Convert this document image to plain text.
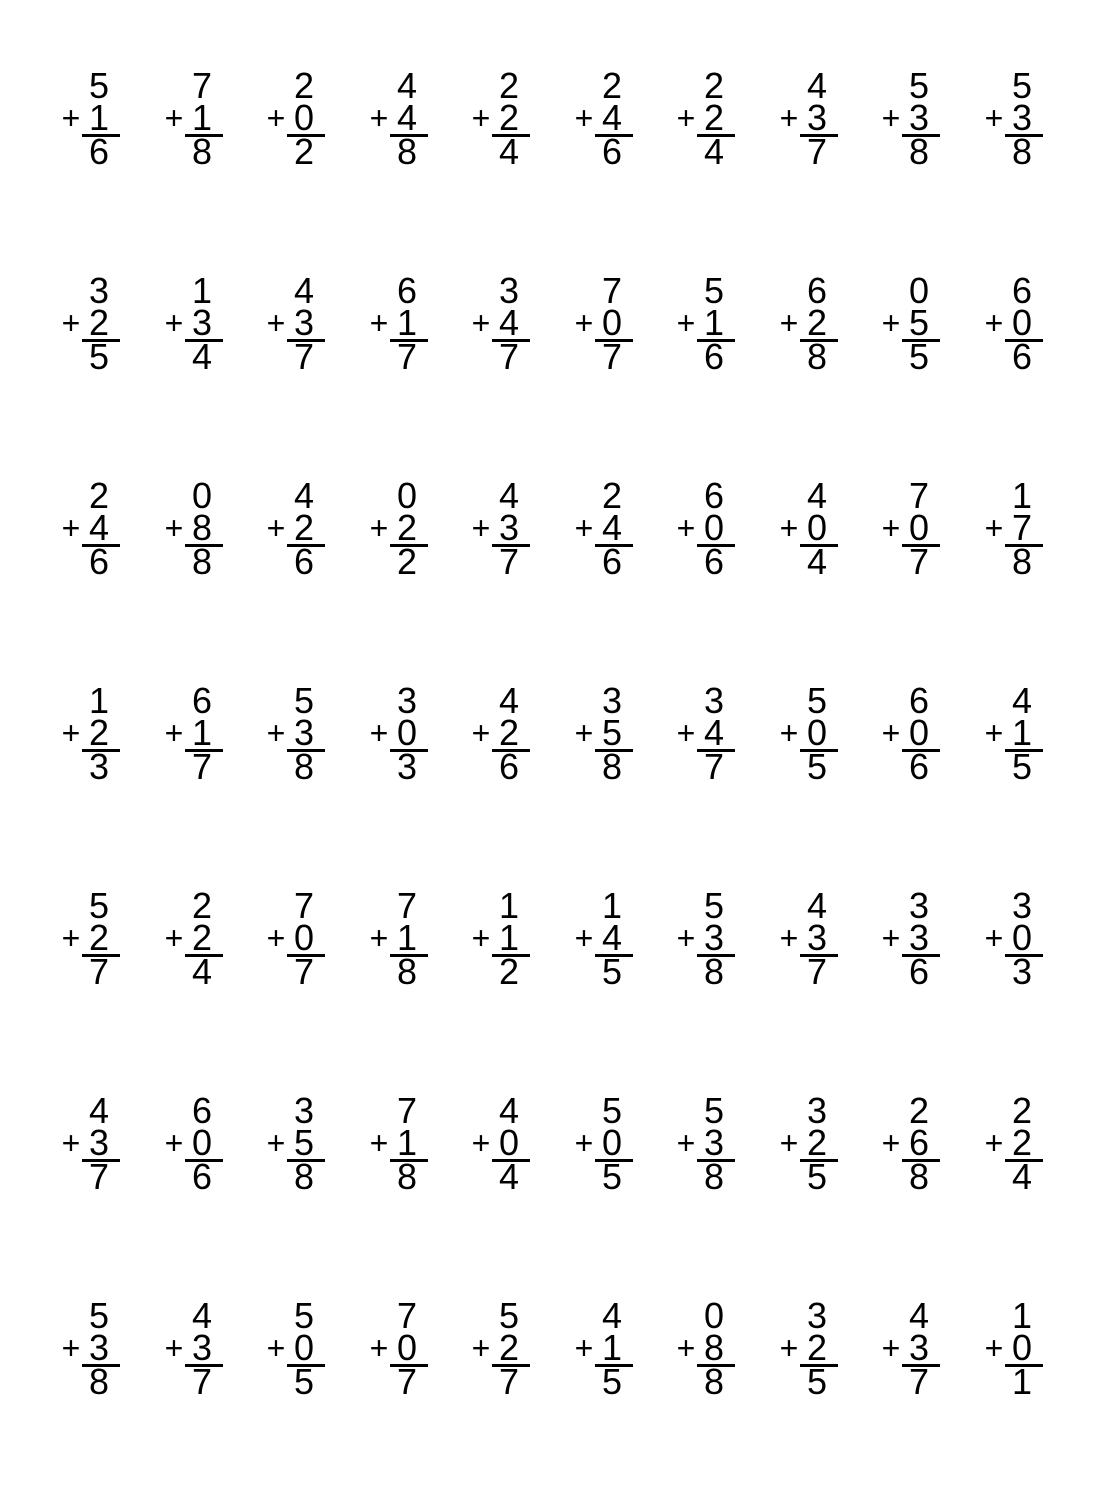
5
+ 1
6
7
+ 1
8
2
+ 0
2
4
+ 4
8
2
+ 2
4
2
+ 4
6
2
+ 2
4
4
+ 3
7
5
+ 3
8
5
+ 3
8
3
+ 2
5
1
+ 3
4
4
+ 3
7
6
+ 1
7
3
+ 4
7
7
+ 0
7
5
+ 1
6
6
+ 2
8
0
+ 5
5
6
+ 0
6
2
+ 4
6
0
+ 8
8
4
+ 2
6
0
+ 2
2
4
+ 3
7
2
+ 4
6
6
+ 0
6
4
+ 0
4
7
+ 0
7
1
+ 7
8
1
+ 2
3
6
+ 1
7
5
+ 3
8
3
+ 0
3
4
+ 2
6
3
+ 5
8
3
+ 4
7
5
+ 0
5
6
+ 0
6
4
+ 1
5
5
+ 2
7
2
+ 2
4
7
+ 0
7
7
+ 1
8
1
+ 1
2
1
+ 4
5
5
+ 3
8
4
+ 3
7
3
+ 3
6
3
+ 0
3
4
+ 3
7
6
+ 0
6
3
+ 5
8
7
+ 1
8
4
+ 0
4
5
+ 0
5
5
+ 3
8
3
+ 2
5
2
+ 6
8
2
+ 2
4
5
+ 3
8
4
+ 3
7
5
+ 0
5
7
+ 0
7
5
+ 2
7
4
+ 1
5
0
+ 8
8
3
+ 2
5
4
+ 3
7
1
+ 0
1
